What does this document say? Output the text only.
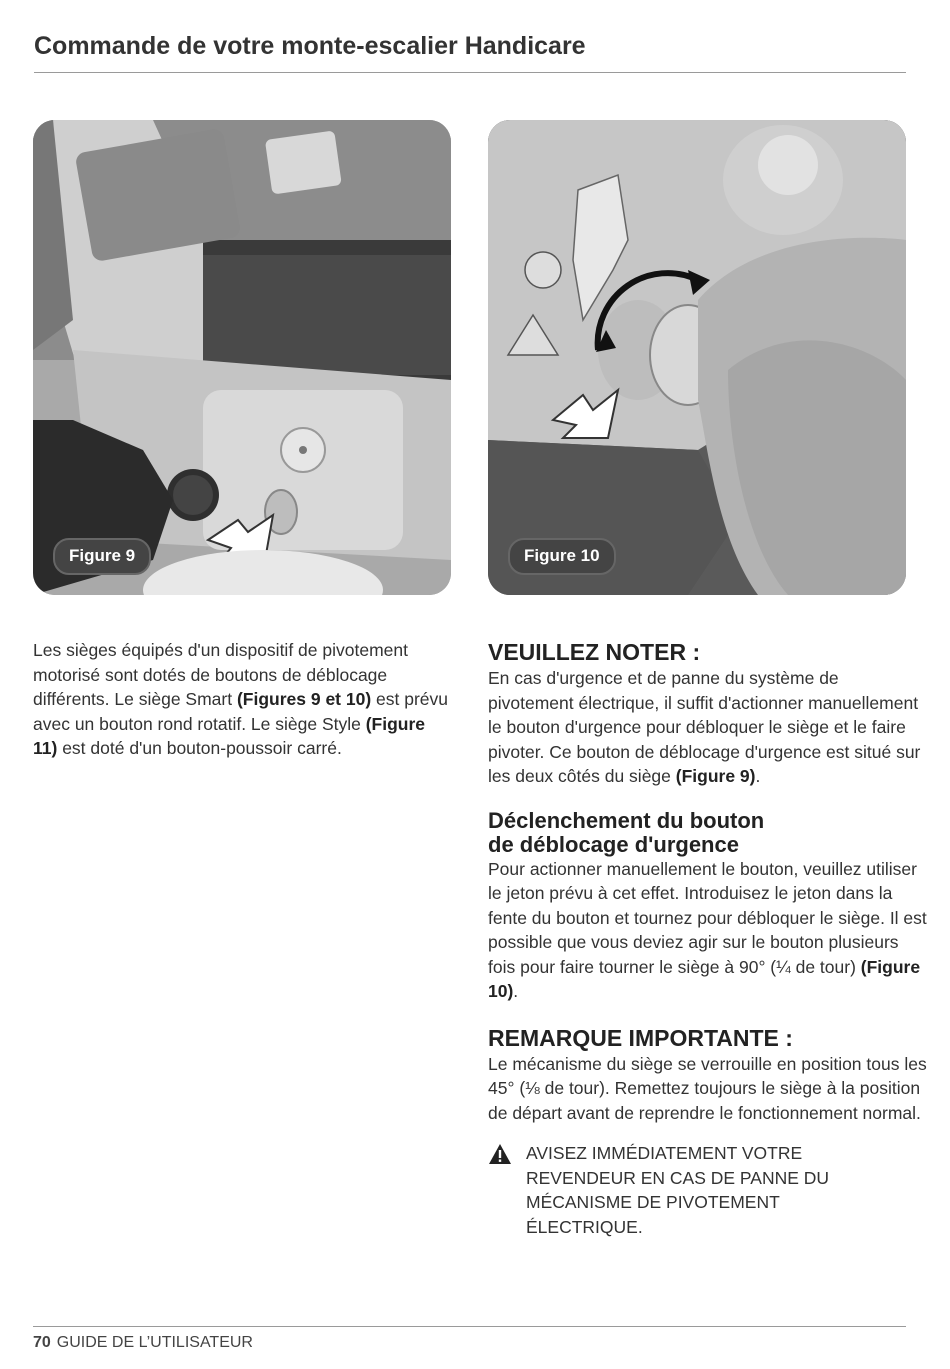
Commande de votre monte-escalier Handicare
Figure 9	Figure 10

Les sièges équipés d'un dispositif de pivotement motorisé sont dotés de boutons de déblocage différents. Le siège Smart (Figures 9 et 10) est prévu avec un bouton rond rotatif. Le siège Style (Figure 11) est doté d'un bouton-poussoir carré.

VEUILLEZ NOTER :

En cas d'urgence et de panne du système de pivotement électrique, il suffit d'actionner manuellement le bouton d'urgence pour débloquer le siège et le faire pivoter. Ce bouton de déblocage d'urgence est situé sur les deux côtés du siège (Figure 9).

Déclenchement du bouton
de déblocage d'urgence

Pour actionner manuellement le bouton, veuillez utiliser le jeton prévu à cet effet. Introduisez le jeton dans la fente du bouton et tournez pour débloquer le siège. Il est possible que vous deviez agir sur le bouton plusieurs fois pour faire tourner le siège à 90° (¼ de tour) (Figure 10).

REMARQUE IMPORTANTE :

Le mécanisme du siège se verrouille en position tous les 45° (⅛ de tour). Remettez toujours le siège à la position de départ avant de reprendre le fonctionnement normal.

AVISEZ IMMÉDIATEMENT VOTRE REVENDEUR EN CAS DE PANNE DU MÉCANISME DE PIVOTEMENT ÉLECTRIQUE.
70 GUIDE DE L’UTILISATEUR
